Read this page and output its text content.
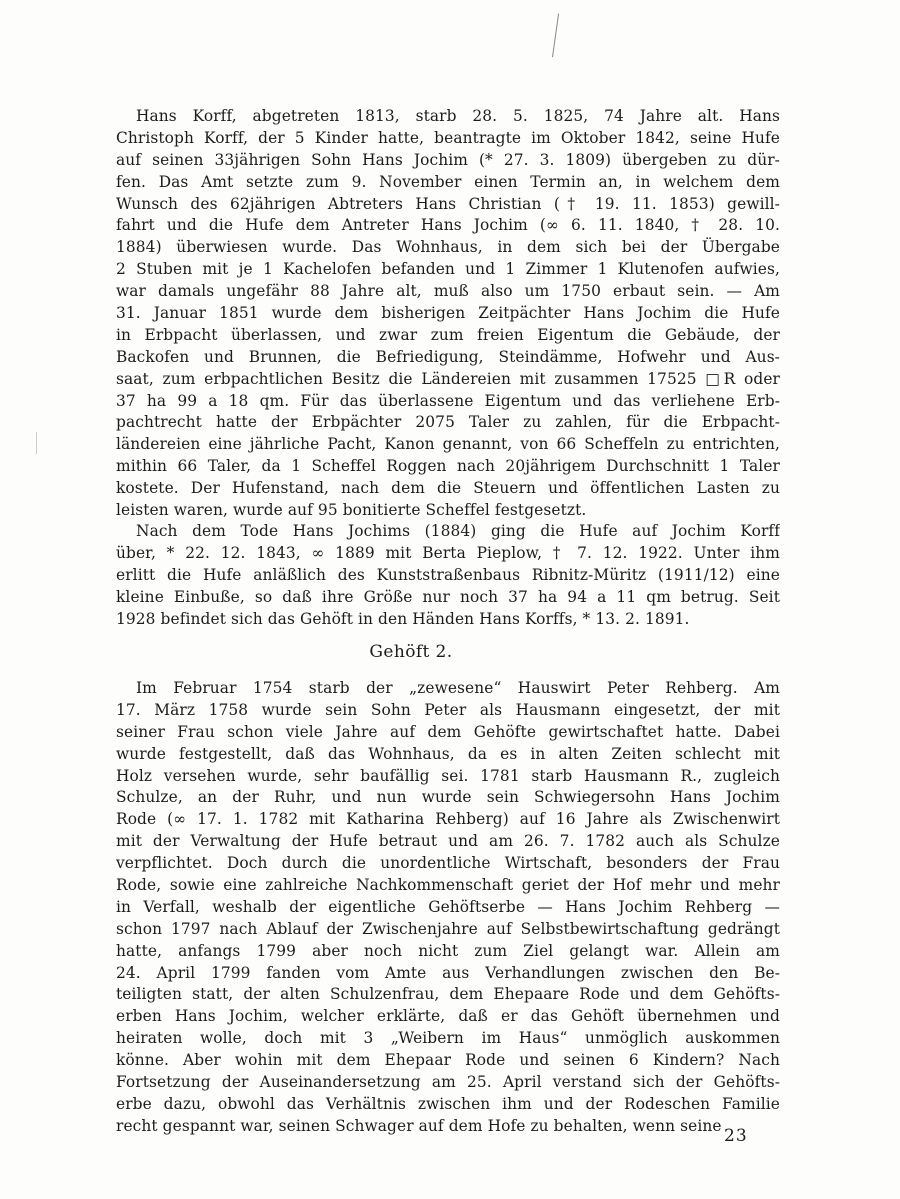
Hans Korff, abgetreten 1813, starb 28. 5. 1825, 74 Jahre alt. Hans
Christoph Korff, der 5 Kinder hatte, beantragte im Oktober 1842, seine Hufe
auf seinen 33jährigen Sohn Hans Jochim (* 27. 3. 1809) übergeben zu dür-
fen. Das Amt setzte zum 9. November einen Termin an, in welchem dem
Wunsch des 62jährigen Abtreters Hans Christian († 19. 11. 1853) gewill-
fahrt und die Hufe dem Antreter Hans Jochim (∞ 6. 11. 1840, † 28. 10.
1884) überwiesen wurde. Das Wohnhaus, in dem sich bei der Übergabe
2 Stuben mit je 1 Kachelofen befanden und 1 Zimmer 1 Klutenofen aufwies,
war damals ungefähr 88 Jahre alt, muß also um 1750 erbaut sein. — Am
31. Januar 1851 wurde dem bisherigen Zeitpächter Hans Jochim die Hufe
in Erbpacht überlassen, und zwar zum freien Eigentum die Gebäude, der
Backofen und Brunnen, die Befriedigung, Steindämme, Hofwehr und Aus-
saat, zum erbpachtlichen Besitz die Ländereien mit zusammen 17525 □R oder
37 ha 99 a 18 qm. Für das überlassene Eigentum und das verliehene Erb-
pachtrecht hatte der Erbpächter 2075 Taler zu zahlen, für die Erbpacht-
ländereien eine jährliche Pacht, Kanon genannt, von 66 Scheffeln zu entrichten,
mithin 66 Taler, da 1 Scheffel Roggen nach 20jährigem Durchschnitt 1 Taler
kostete. Der Hufenstand, nach dem die Steuern und öffentlichen Lasten zu
leisten waren, wurde auf 95 bonitierte Scheffel festgesetzt.
Nach dem Tode Hans Jochims (1884) ging die Hufe auf Jochim Korff
über, * 22. 12. 1843, ∞ 1889 mit Berta Pieplow, † 7. 12. 1922. Unter ihm
erlitt die Hufe anläßlich des Kunststraßenbaus Ribnitz-Müritz (1911/12) eine
kleine Einbuße, so daß ihre Größe nur noch 37 ha 94 a 11 qm betrug. Seit
1928 befindet sich das Gehöft in den Händen Hans Korffs, * 13. 2. 1891.
Gehöft 2.
Im Februar 1754 starb der „zewesene“ Hauswirt Peter Rehberg. Am
17. März 1758 wurde sein Sohn Peter als Hausmann eingesetzt, der mit
seiner Frau schon viele Jahre auf dem Gehöfte gewirtschaftet hatte. Dabei
wurde festgestellt, daß das Wohnhaus, da es in alten Zeiten schlecht mit
Holz versehen wurde, sehr baufällig sei. 1781 starb Hausmann R., zugleich
Schulze, an der Ruhr, und nun wurde sein Schwiegersohn Hans Jochim
Rode (∞ 17. 1. 1782 mit Katharina Rehberg) auf 16 Jahre als Zwischenwirt
mit der Verwaltung der Hufe betraut und am 26. 7. 1782 auch als Schulze
verpflichtet. Doch durch die unordentliche Wirtschaft, besonders der Frau
Rode, sowie eine zahlreiche Nachkommenschaft geriet der Hof mehr und mehr
in Verfall, weshalb der eigentliche Gehöftserbe — Hans Jochim Rehberg —
schon 1797 nach Ablauf der Zwischenjahre auf Selbstbewirtschaftung gedrängt
hatte, anfangs 1799 aber noch nicht zum Ziel gelangt war. Allein am
24. April 1799 fanden vom Amte aus Verhandlungen zwischen den Be-
teiligten statt, der alten Schulzenfrau, dem Ehepaare Rode und dem Gehöfts-
erben Hans Jochim, welcher erklärte, daß er das Gehöft übernehmen und
heiraten wolle, doch mit 3 „Weibern im Haus“ unmöglich auskommen
könne. Aber wohin mit dem Ehepaar Rode und seinen 6 Kindern? Nach
Fortsetzung der Auseinandersetzung am 25. April verstand sich der Gehöfts-
erbe dazu, obwohl das Verhältnis zwischen ihm und der Rodeschen Familie
recht gespannt war, seinen Schwager auf dem Hofe zu behalten, wenn seine
23
